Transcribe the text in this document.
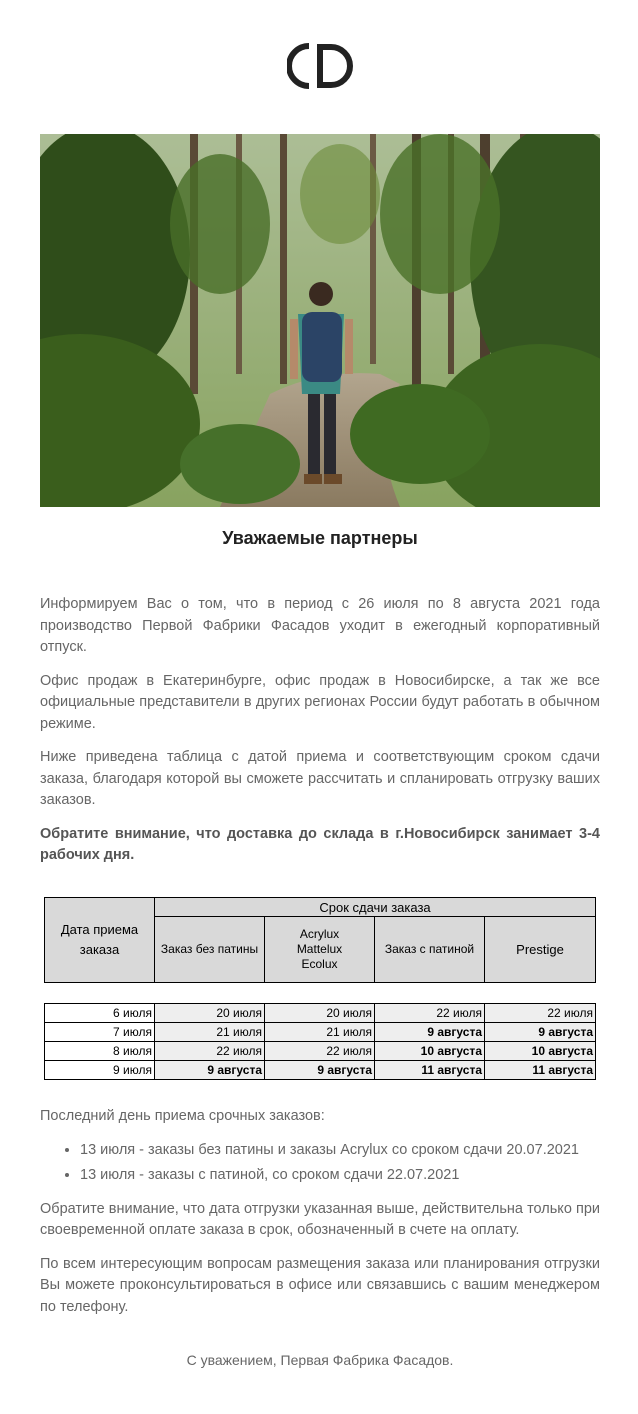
Уважаемые партнеры

Информируем Вас о том, что в период с 26 июля по 8 августа 2021 года производство Первой Фабрики Фасадов уходит в ежегодный корпоративный отпуск.

Офис продаж в Екатеринбурге, офис продаж в Новосибирске, а так же все официальные представители в других регионах России будут работать в обычном режиме.

Ниже приведена таблица с датой приема и соответствующим сроком сдачи заказа, благодаря которой вы сможете рассчитать и спланировать отгрузку ваших заказов.

Обратите внимание, что доставка до склада в г.Новосибирск занимает 3-4 рабочих дня.

Дата приема заказа	Срок сдачи заказа			
	Заказ без патины	Acrylux Mattelux Ecolux	Заказ с патиной	Prestige
6 июля	20 июля	20 июля	22 июля	22 июля
7 июля	21 июля	21 июля	9 августа	9 августа
8 июля	22 июля	22 июля	10 августа	10 августа
9 июля	9 августа	9 августа	11 августа	11 августа

Последний день приема срочных заказов:

• 13 июля - заказы без патины и заказы Acrylux со сроком сдачи 20.07.2021
• 13 июля - заказы с патиной, со сроком сдачи 22.07.2021

Обратите внимание, что дата отгрузки указанная выше, действительна только при своевременной оплате заказа в срок, обозначенный в счете на оплату.

По всем интересующим вопросам размещения заказа или планирования отгрузки Вы можете проконсультироваться в офисе или связавшись с вашим менеджером по телефону.

С уважением, Первая Фабрика Фасадов.
